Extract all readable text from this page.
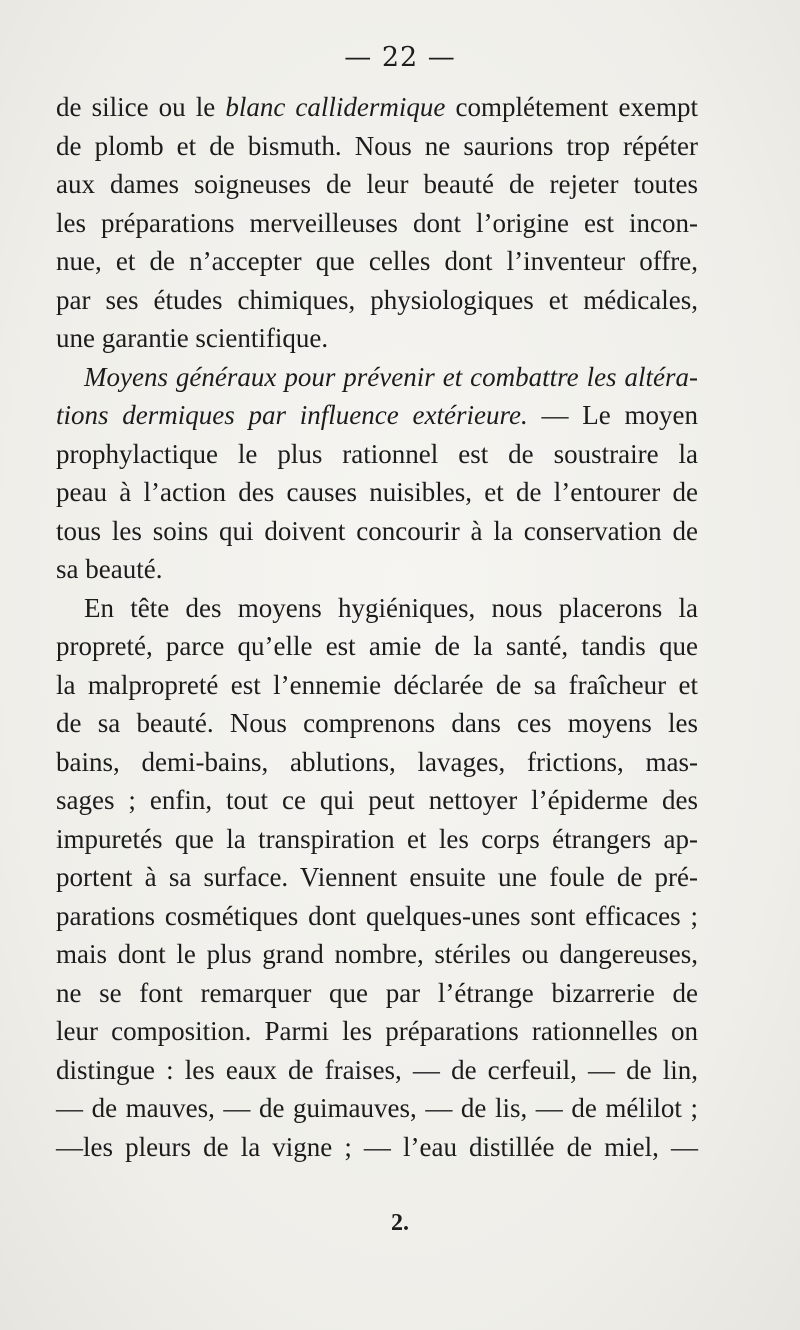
— 22 —
de silice ou le blanc callidermique complétement exempt
de plomb et de bismuth. Nous ne saurions trop répéter
aux dames soigneuses de leur beauté de rejeter toutes
les préparations merveilleuses dont l’origine est incon-
nue, et de n’accepter que celles dont l’inventeur offre,
par ses études chimiques, physiologiques et médicales,
une garantie scientifique.
Moyens généraux pour prévenir et combattre les altéra-
tions dermiques par influence extérieure. — Le moyen
prophylactique le plus rationnel est de soustraire la
peau à l’action des causes nuisibles, et de l’entourer de
tous les soins qui doivent concourir à la conservation de
sa beauté.
En tête des moyens hygiéniques, nous placerons la
propreté, parce qu’elle est amie de la santé, tandis que
la malpropreté est l’ennemie déclarée de sa fraîcheur et
de sa beauté. Nous comprenons dans ces moyens les
bains, demi-bains, ablutions, lavages, frictions, mas-
sages ; enfin, tout ce qui peut nettoyer l’épiderme des
impuretés que la transpiration et les corps étrangers ap-
portent à sa surface. Viennent ensuite une foule de pré-
parations cosmétiques dont quelques-unes sont efficaces ;
mais dont le plus grand nombre, stériles ou dangereuses,
ne se font remarquer que par l’étrange bizarrerie de
leur composition. Parmi les préparations rationnelles on
distingue : les eaux de fraises, — de cerfeuil, — de lin,
— de mauves, — de guimauves, — de lis, — de mélilot ;
—les pleurs de la vigne ; — l’eau distillée de miel, —
2.
